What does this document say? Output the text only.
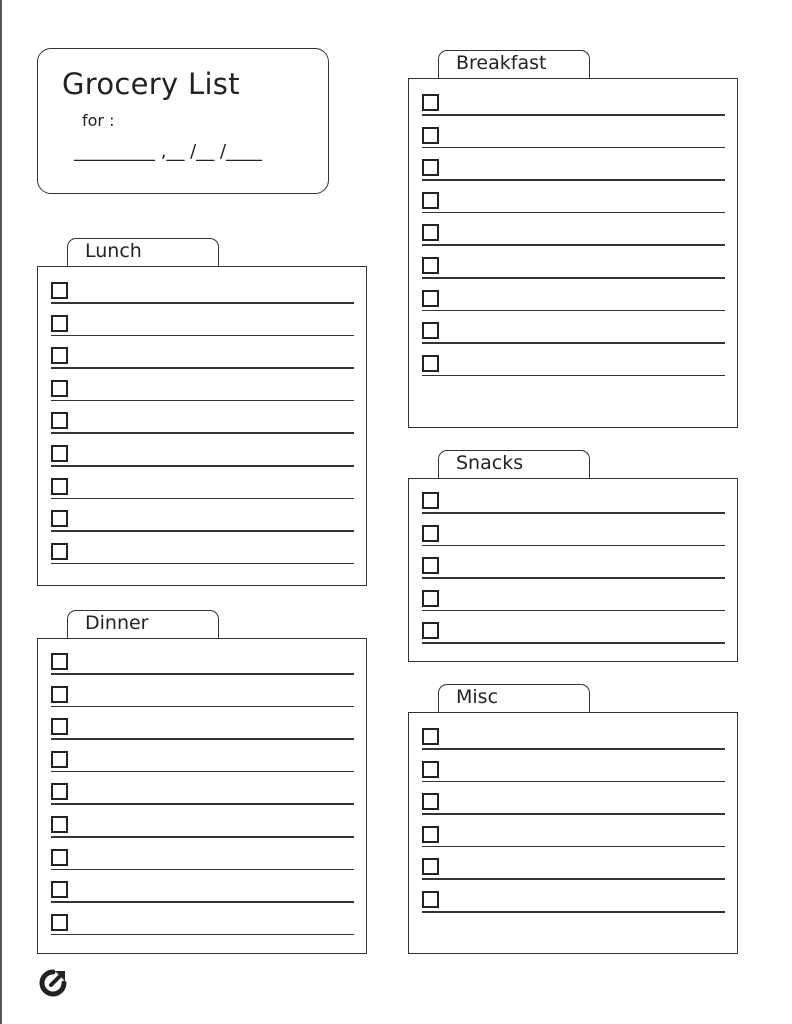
Grocery List
for :
_________ ,__ /__ /____
Breakfast
Lunch
Snacks
Dinner
Misc
